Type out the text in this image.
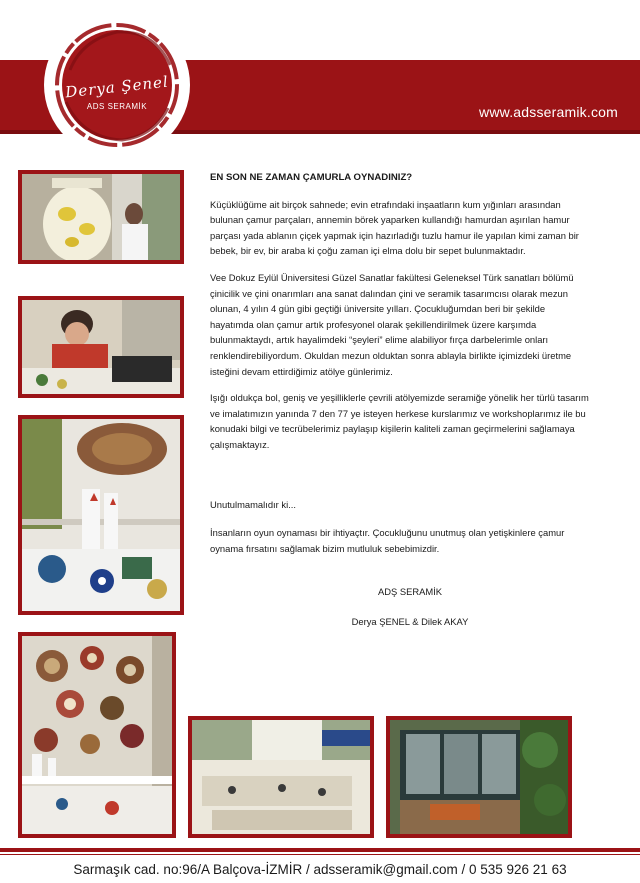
www.adsseramik.com
Derya Şenel
ADS SERAMİK

EN SON NE ZAMAN ÇAMURLA OYNADINIZ?

Küçüklüğüme ait birçok sahnede; evin etrafındaki inşaatların kum yığınları arasından bulunan çamur parçaları, annemin börek yaparken kullandığı hamurdan aşırılan hamur parçası yada ablanın çiçek yapmak için hazırladığı tuzlu hamur ile yapılan kimi zaman bir bebek, bir ev, bir araba ki çoğu zaman içi elma dolu bir sepet bulunmaktadır.

Vee Dokuz Eylül Üniversitesi Güzel Sanatlar fakültesi Geleneksel Türk sanatları bölümü çinicilik ve çini onarımları ana sanat dalından çini ve seramik tasarımcısı olarak mezun olunan, 4 yılın 4 gün gibi geçtiği üniversite yılları. Çocukluğumdan beri bir şekilde hayatımda olan çamur artık profesyonel olarak şekillendirilmek üzere karşımda bulunmaktaydı, artık hayalimdeki “şeyleri” elime alabiliyor fırça darbelerimle onları renklendirebiliyordum. Okuldan mezun olduktan sonra ablayla birlikte içimizdeki üretme isteğini devam ettirdiğimiz atölye günlerimiz.

Işığı oldukça bol, geniş ve yeşilliklerle çevrili atölyemizde seramiğe yönelik her türlü tasarım ve imalatımızın yanında 7 den 77 ye isteyen herkese kurslarımız ve workshoplarımız ile bu konudaki bilgi ve tecrübelerimiz paylaşıp kişilerin kaliteli zaman geçirmelerini sağlamaya çalışmaktayız.

Unutulmamalıdır ki...

İnsanların oyun oynaması bir ihtiyaçtır. Çocukluğunu unutmuş olan yetişkinlere çamur oynama fırsatını sağlamak bizim mutluluk sebebimizdir.

ADŞ SERAMİK

Derya ŞENEL & Dilek AKAY

Sarmaşık cad. no:96/A Balçova-İZMİR / adsseramik@gmail.com / 0 535 926 21 63
